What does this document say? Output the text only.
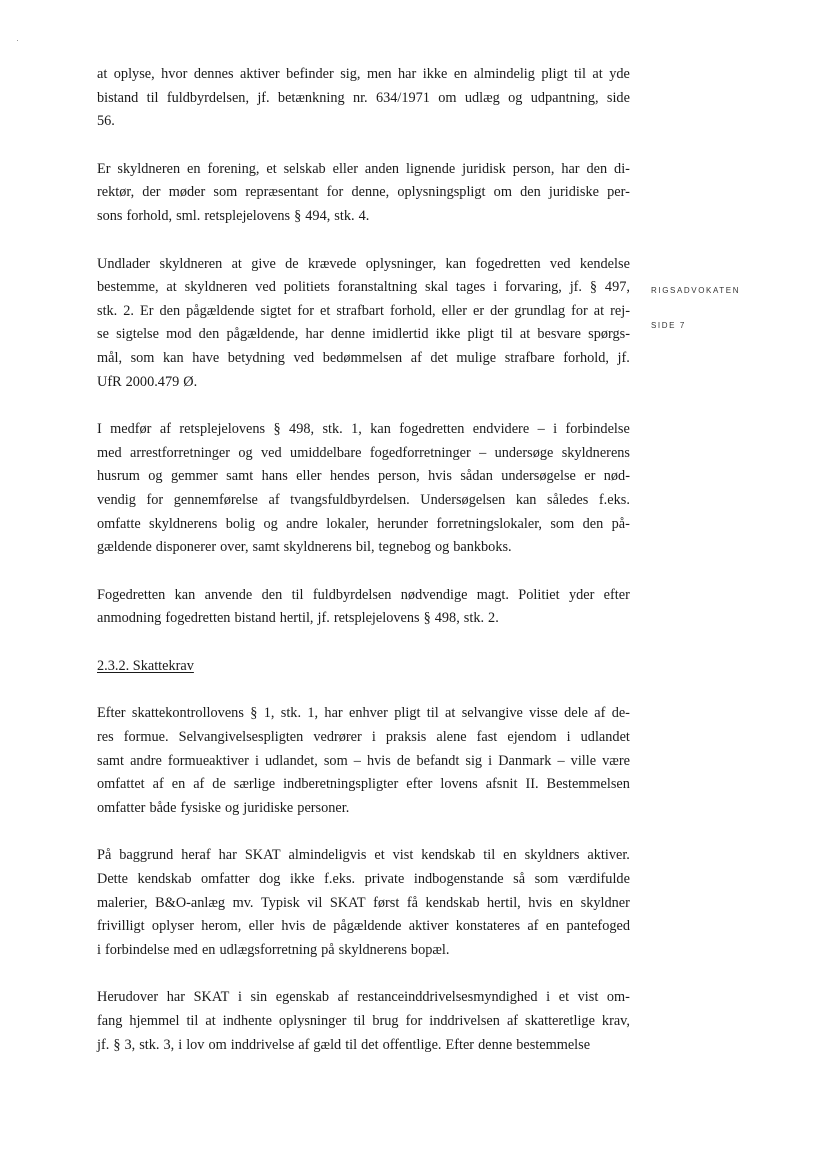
at oplyse, hvor dennes aktiver befinder sig, men har ikke en almindelig pligt til at yde
bistand til fuldbyrdelsen, jf. betænkning nr. 634/1971 om udlæg og udpantning, side
56.
Er skyldneren en forening, et selskab eller anden lignende juridisk person, har den di-
rektør, der møder som repræsentant for denne, oplysningspligt om den juridiske per-
sons forhold, sml. retsplejelovens § 494, stk. 4.
Undlader skyldneren at give de krævede oplysninger, kan fogedretten ved kendelse
bestemme, at skyldneren ved politiets foranstaltning skal tages i forvaring, jf. § 497,
stk. 2. Er den pågældende sigtet for et strafbart forhold, eller er der grundlag for at rej-
se sigtelse mod den pågældende, har denne imidlertid ikke pligt til at besvare spørgs-
mål, som kan have betydning ved bedømmelsen af det mulige strafbare forhold, jf.
UfR 2000.479 Ø.
I medfør af retsplejelovens § 498, stk. 1, kan fogedretten endvidere – i forbindelse
med arrestforretninger og ved umiddelbare fogedforretninger – undersøge skyldnerens
husrum og gemmer samt hans eller hendes person, hvis sådan undersøgelse er nød-
vendig for gennemførelse af tvangsfuldbyrdelsen. Undersøgelsen kan således f.eks.
omfatte skyldnerens bolig og andre lokaler, herunder forretningslokaler, som den på-
gældende disponerer over, samt skyldnerens bil, tegnebog og bankboks.
Fogedretten kan anvende den til fuldbyrdelsen nødvendige magt. Politiet yder efter
anmodning fogedretten bistand hertil, jf. retsplejelovens § 498, stk. 2.
2.3.2. Skattekrav
Efter skattekontrollovens § 1, stk. 1, har enhver pligt til at selvangive visse dele af de-
res formue. Selvangivelsespligten vedrører i praksis alene fast ejendom i udlandet
samt andre formueaktiver i udlandet, som – hvis de befandt sig i Danmark – ville være
omfattet af en af de særlige indberetningspligter efter lovens afsnit II. Bestemmelsen
omfatter både fysiske og juridiske personer.
På baggrund heraf har SKAT almindeligvis et vist kendskab til en skyldners aktiver.
Dette kendskab omfatter dog ikke f.eks. private indbogenstande så som værdifulde
malerier, B&O-anlæg mv. Typisk vil SKAT først få kendskab hertil, hvis en skyldner
frivilligt oplyser herom, eller hvis de pågældende aktiver konstateres af en pantefoged
i forbindelse med en udlægsforretning på skyldnerens bopæl.
Herudover har SKAT i sin egenskab af restanceinddrivelsesmyndighed i et vist om-
fang hjemmel til at indhente oplysninger til brug for inddrivelsen af skatteretlige krav,
jf. § 3, stk. 3, i lov om inddrivelse af gæld til det offentlige. Efter denne bestemmelse
RIGSADVOKATEN
SIDE 7
